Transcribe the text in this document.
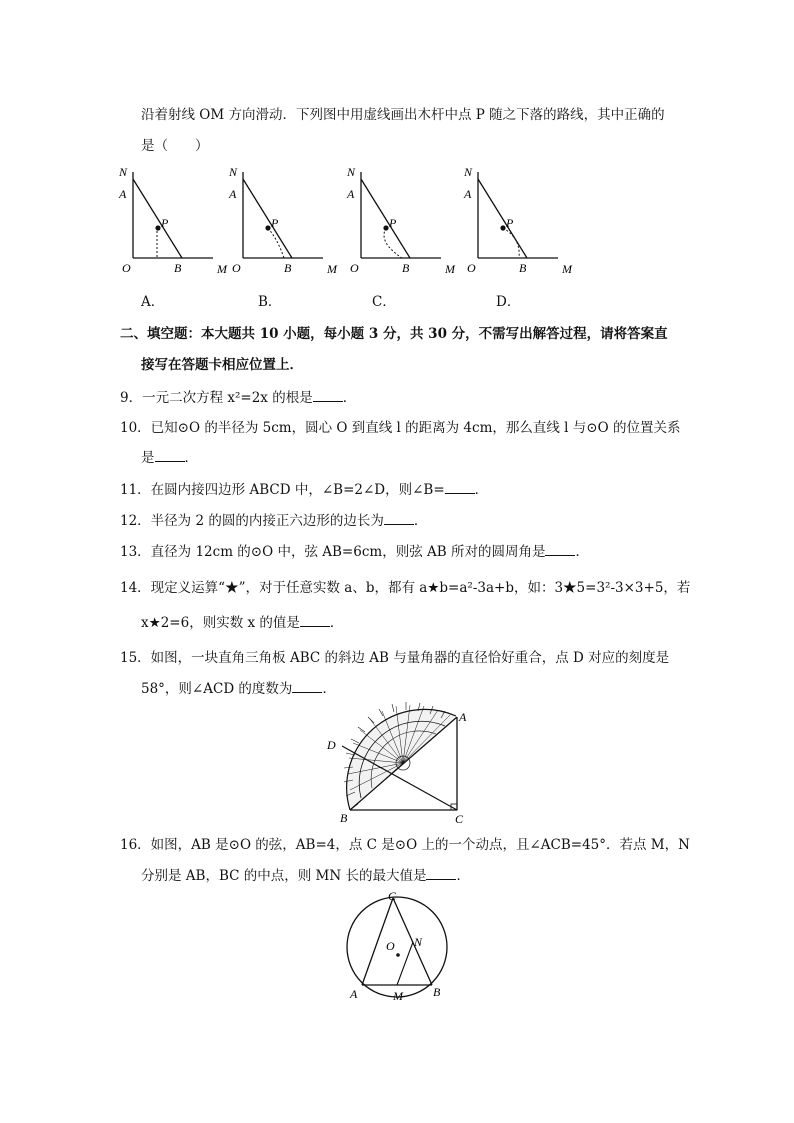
沿着射线 OM 方向滑动．下列图中用虚线画出木杆中点 P 随之下落的路线，其中正确的
是（　　）
N
A
P
O	B	M
N
A
P
O	B	M
N
A
P
O	B	M
N
A
P
O	B	M
A．	B．	C．	D．
二、填空题：本大题共 10 小题，每小题 3 分，共 30 分，不需写出解答过程，请将答案直
接写在答题卡相应位置上．
9．一元二次方程 x²=2x 的根是 ．
10．已知⊙O 的半径为 5cm，圆心 O 到直线 l 的距离为 4cm，那么直线 l 与⊙O 的位置关系
是 ．
11．在圆内接四边形 ABCD 中，∠B=2∠D，则∠B= ．
12．半径为 2 的圆的内接正六边形的边长为 ．
13．直径为 12cm 的⊙O 中，弦 AB=6cm，则弦 AB 所对的圆周角是 ．
14．现定义运算“★”，对于任意实数 a、b，都有 a★b=a²-3a+b，如：3★5=3²-3×3+5，若
x★2=6，则实数 x 的值是 ．
15．如图，一块直角三角板 ABC 的斜边 AB 与量角器的直径恰好重合，点 D 对应的刻度是
58°，则∠ACD 的度数为 ．
A
B	C
D
16．如图，AB 是⊙O 的弦，AB=4，点 C 是⊙O 上的一个动点，且∠ACB=45°．若点 M，N
分别是 AB，BC 的中点，则 MN 长的最大值是 ．
C
O N
A	M	B
